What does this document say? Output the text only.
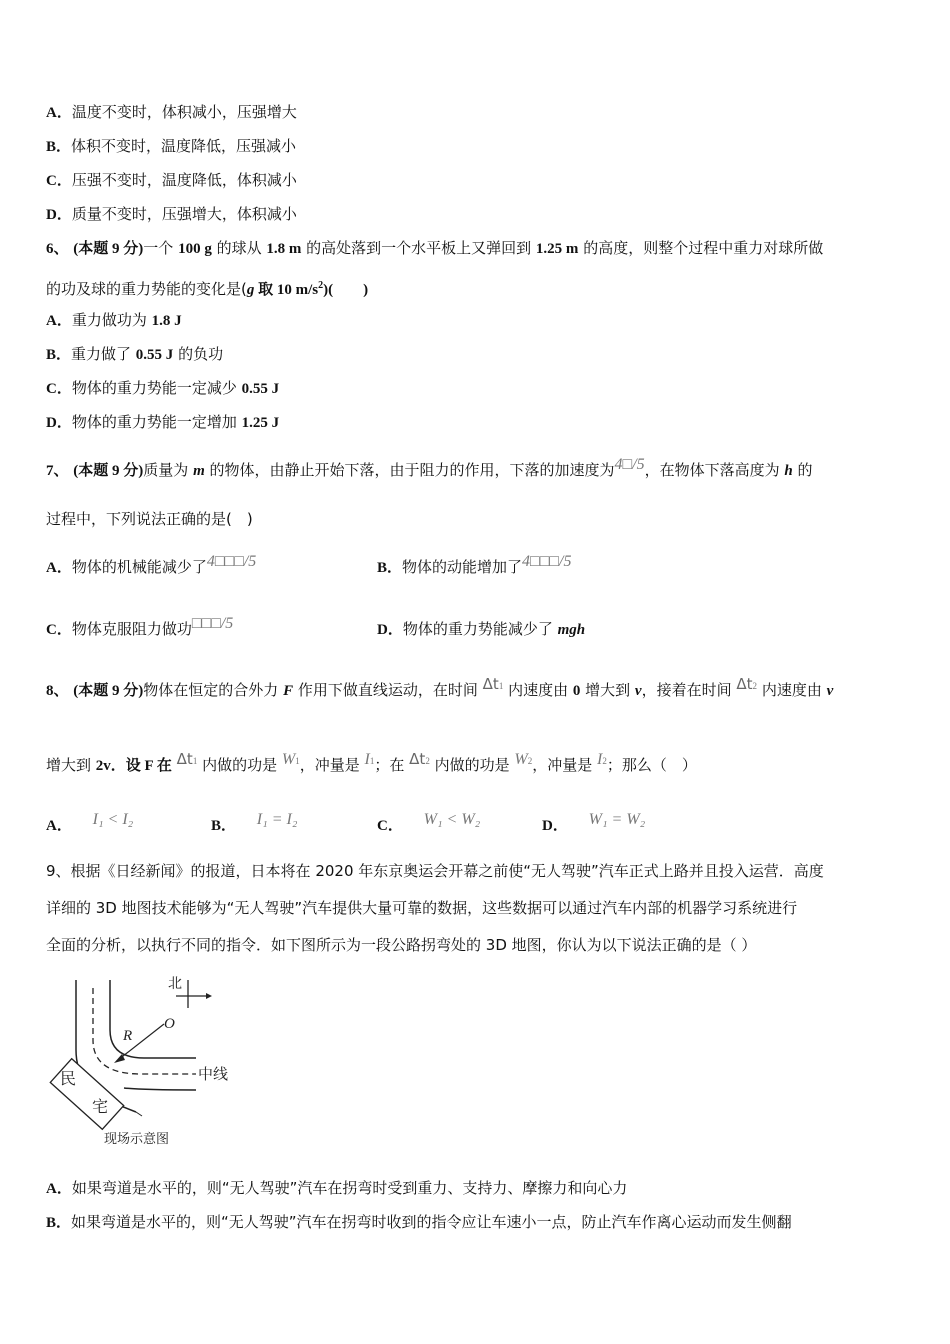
A．温度不变时，体积减小，压强增大
B．体积不变时，温度降低，压强减小
C．压强不变时，温度降低，体积减小
D．质量不变时，压强增大，体积减小
6、 (本题 9 分)一个 100 g 的球从 1.8 m 的高处落到一个水平板上又弹回到 1.25 m 的高度，则整个过程中重力对球所做
的功及球的重力势能的变化是(g 取 10 $m/s^2$)(　　)
A．重力做功为 1.8 J
B．重力做了 0.55 J 的负功
C．物体的重力势能一定减少 0.55 J
D．物体的重力势能一定增加 1.25 J
7、 (本题 9 分)质量为 m 的物体，由静止开始下落，由于阻力的作用，下落的加速度为4□/5，在物体下落高度为 h 的
过程中，下列说法正确的是(　)
A．物体的机械能减少了4□□□/5	B．物体的动能增加了4□□□/5
C．物体克服阻力做功□□□/5	D．物体的重力势能减少了 mgh
8、 (本题 9 分)物体在恒定的合外力 F 作用下做直线运动，在时间 Δt1 内速度由 0 增大到 v，接着在时间 Δt2 内速度由 v
增大到 2v．设 F 在 Δt1 内做的功是 W1，冲量是 I1；在 Δt2 内做的功是 W2，冲量是 I2；那么（　）
A． I₁ < I₂	B． I₁ = I₂	C． W₁ < W₂	D． W₁ = W₂
9、根据《日经新闻》的报道，日本将在 2020 年东京奥运会开幕之前使“无人驾驶”汽车正式上路并且投入运营．高度
详细的 3D 地图技术能够为“无人驾驶”汽车提供大量可靠的数据，这些数据可以通过汽车内部的机器学习系统进行
全面的分析，以执行不同的指令．如下图所示为一段公路拐弯处的 3D 地图，你认为以下说法正确的是（ ）
北
R
O
中线
民
宅
现场示意图
A．如果弯道是水平的，则“无人驾驶”汽车在拐弯时受到重力、支持力、摩擦力和向心力
B．如果弯道是水平的，则“无人驾驶”汽车在拐弯时收到的指令应让车速小一点，防止汽车作离心运动而发生侧翻
